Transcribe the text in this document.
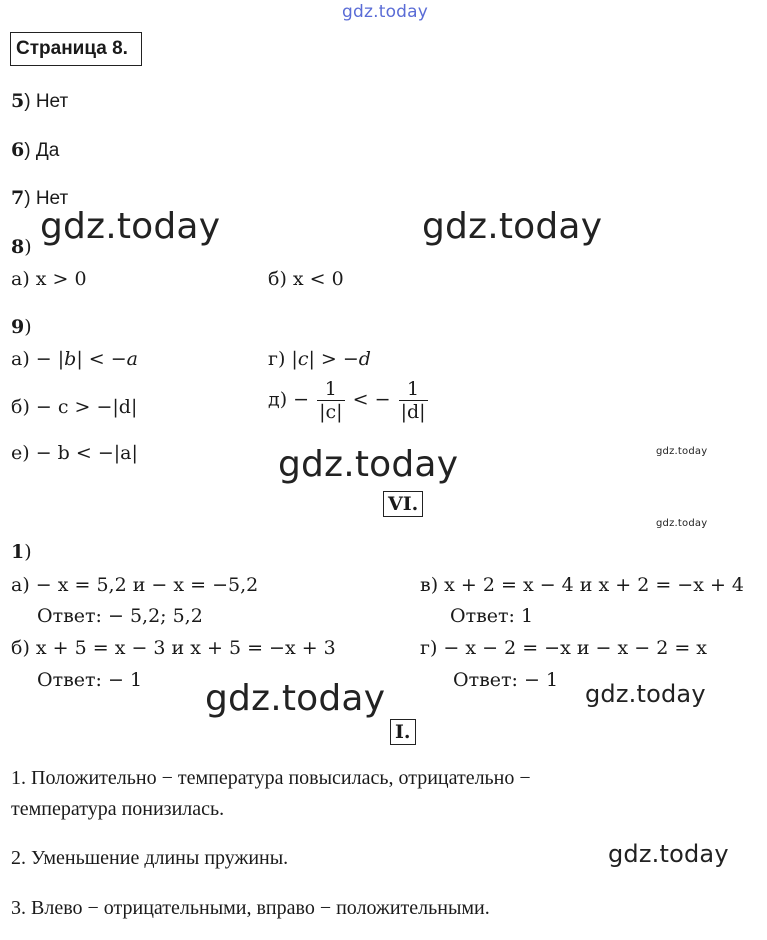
gdz.today
gdz.today	gdz.today
gdz.today	gdz.today
gdz.today
gdz.today	gdz.today
gdz.today
Страница 8.
5) Нет
6) Да
7) Нет
8)
а) x > 0	б) x < 0
9)
а) − |b| < −a	г) |c| > −d
б) − c > −|d|	$д) - \frac{1}{|c|}$ < − $\frac{1}{|d|}$
е) − b < −|a|
VI.
1)
а) − x = 5,2 и − x = −5,2
Ответ: − 5,2; 5,2
в) x + 2 = x − 4 и x + 2 = −x + 4
Ответ: 1
б) x + 5 = x − 3 и x + 5 = −x + 3
Ответ: − 1
г) − x − 2 = −x и − x − 2 = x
Ответ: − 1
I.
1. Положительно − температура повысилась, отрицательно −
температура понизилась.
2. Уменьшение длины пружины.
3. Влево − отрицательными, вправо − положительными.
